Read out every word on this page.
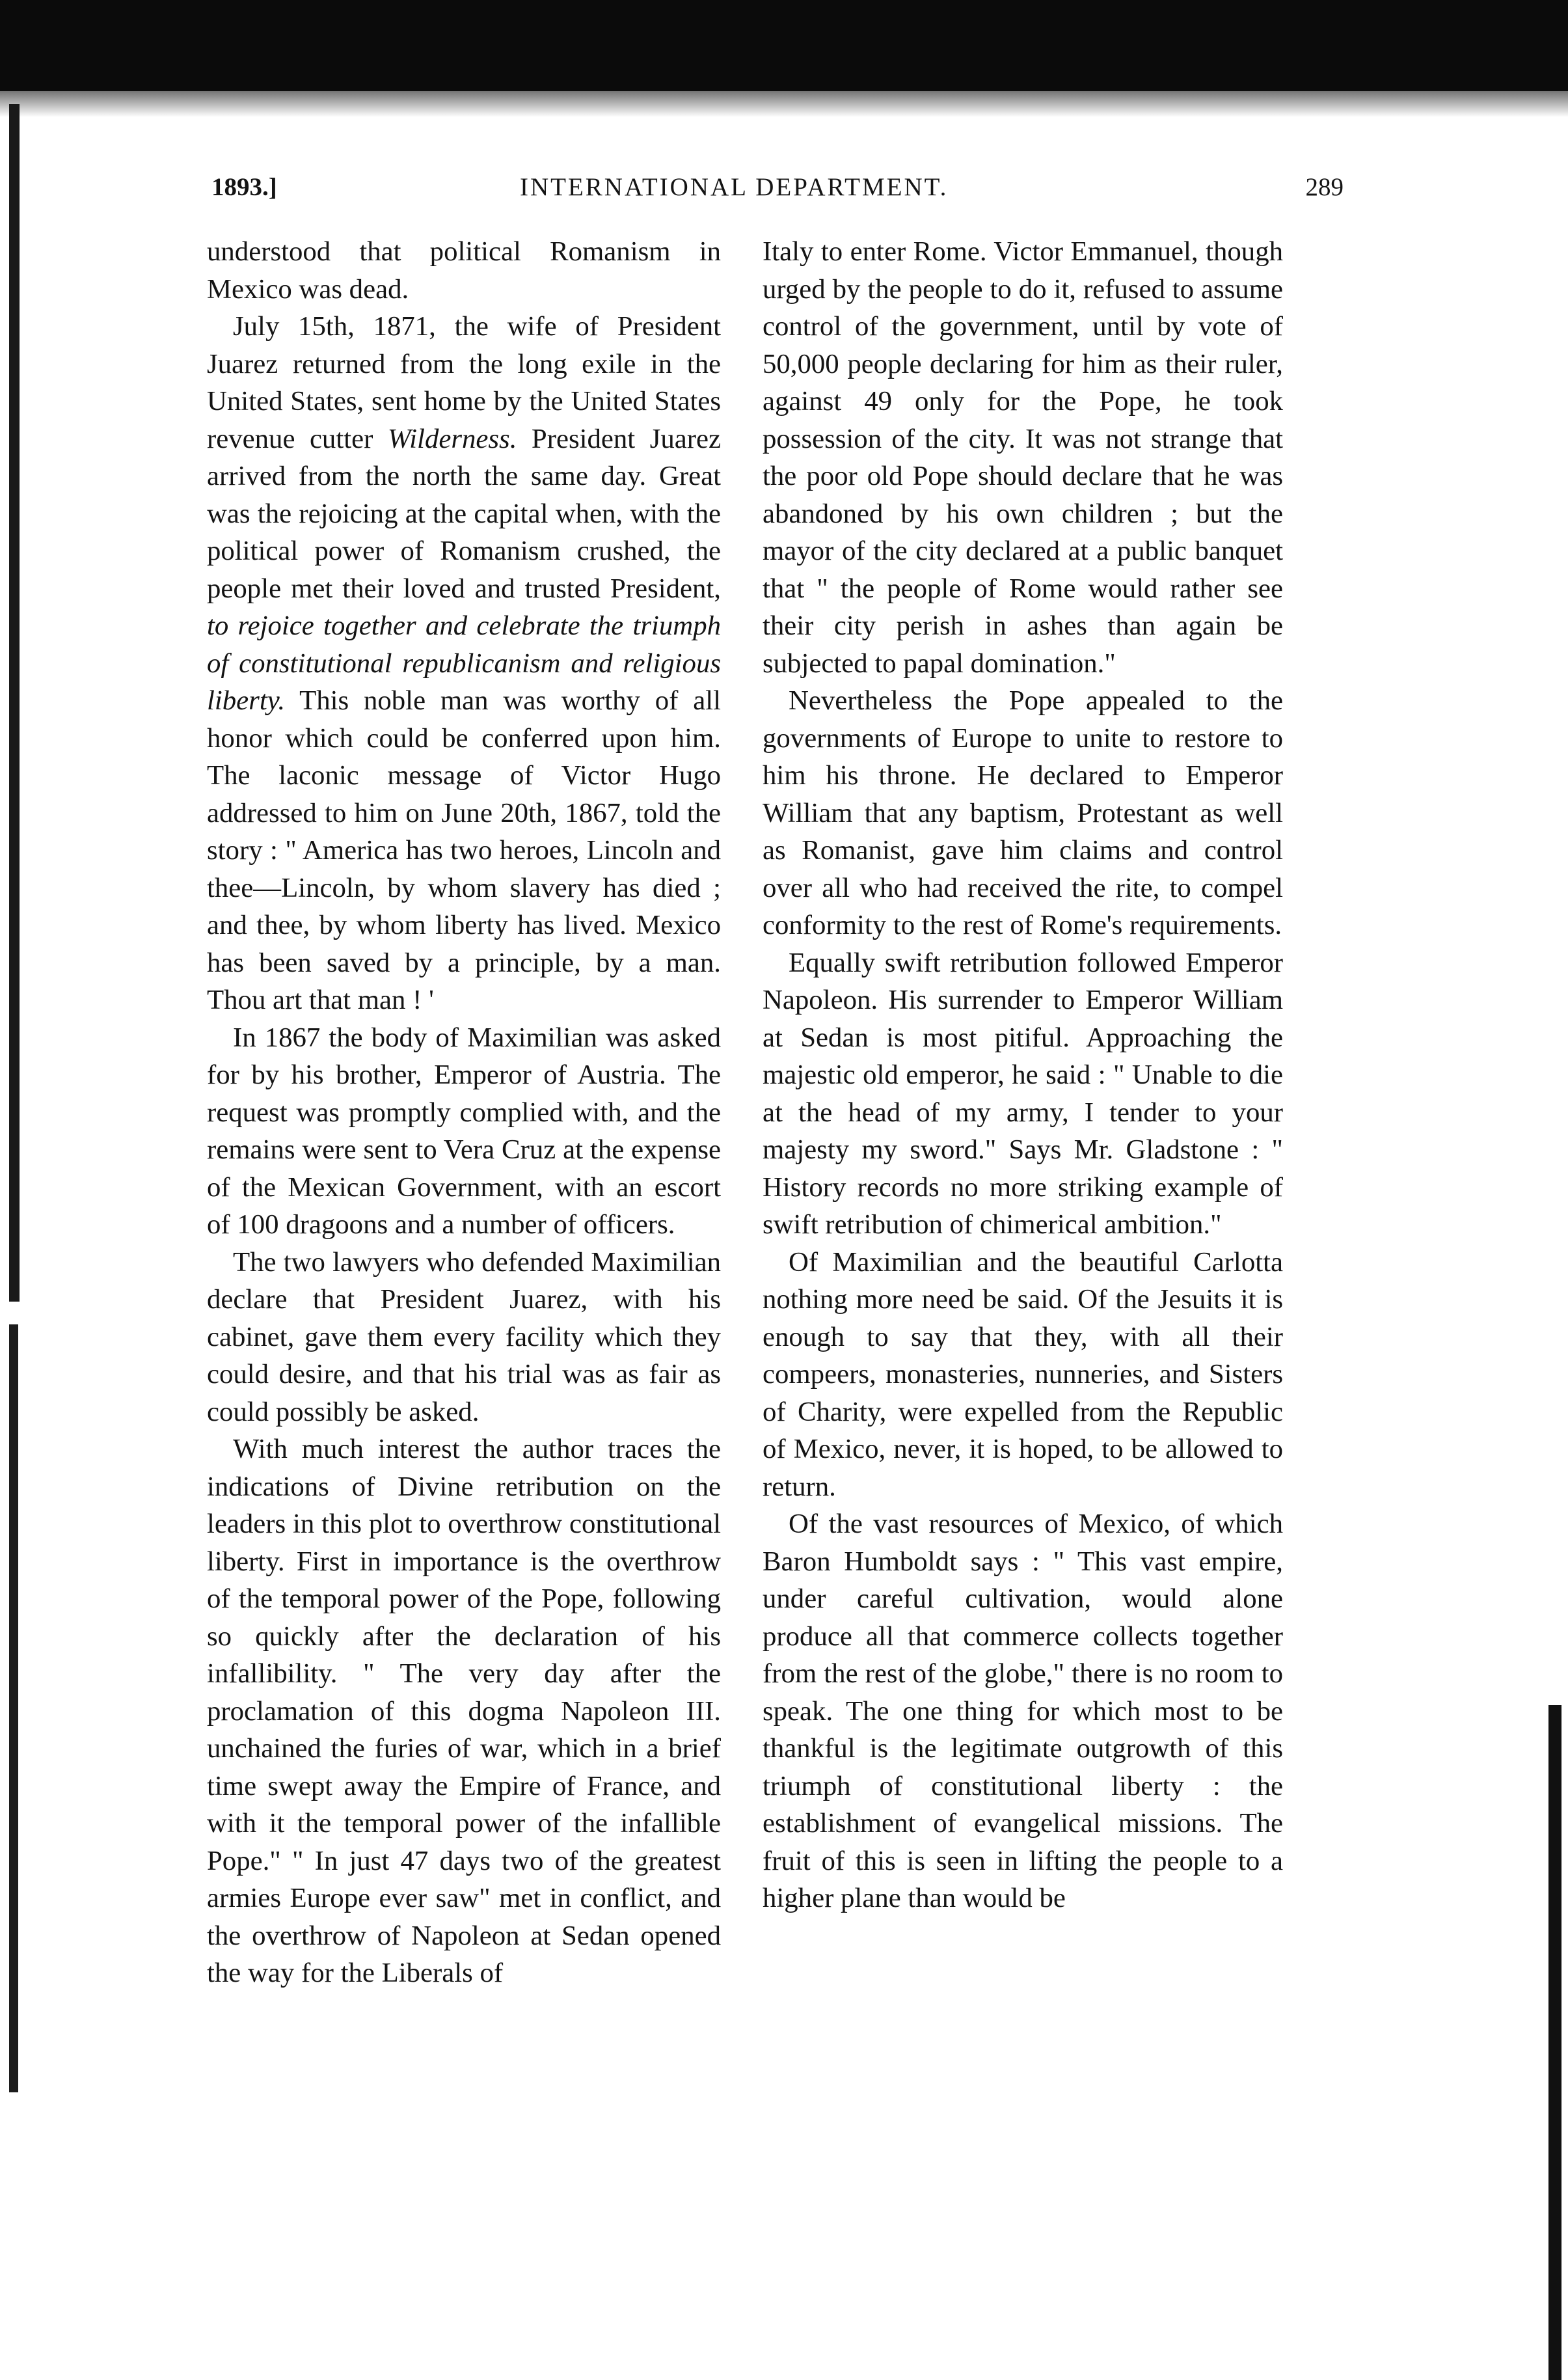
1893.]	INTERNATIONAL DEPARTMENT.	289

understood that political Romanism in Mexico was dead.

July 15th, 1871, the wife of President Juarez returned from the long exile in the United States, sent home by the United States revenue cutter Wilderness. President Juarez arrived from the north the same day. Great was the rejoicing at the capital when, with the political power of Romanism crushed, the people met their loved and trusted President, to rejoice together and celebrate the triumph of constitutional republicanism and religious liberty. This noble man was worthy of all honor which could be conferred upon him. The laconic message of Victor Hugo addressed to him on June 20th, 1867, told the story : " America has two heroes, Lincoln and thee—Lincoln, by whom slavery has died ; and thee, by whom liberty has lived. Mexico has been saved by a principle, by a man. Thou art that man ! '

In 1867 the body of Maximilian was asked for by his brother, Emperor of Austria. The request was promptly complied with, and the remains were sent to Vera Cruz at the expense of the Mexican Government, with an escort of 100 dragoons and a number of officers.

The two lawyers who defended Maximilian declare that President Juarez, with his cabinet, gave them every facility which they could desire, and that his trial was as fair as could possibly be asked.

With much interest the author traces the indications of Divine retribution on the leaders in this plot to overthrow constitutional liberty. First in importance is the overthrow of the temporal power of the Pope, following so quickly after the declaration of his infallibility. " The very day after the proclamation of this dogma Napoleon III. unchained the furies of war, which in a brief time swept away the Empire of France, and with it the temporal power of the infallible Pope." " In just 47 days two of the greatest armies Europe ever saw" met in conflict, and the overthrow of Napoleon at Sedan opened the way for the Liberals of

Italy to enter Rome. Victor Emmanuel, though urged by the people to do it, refused to assume control of the government, until by vote of 50,000 people declaring for him as their ruler, against 49 only for the Pope, he took possession of the city. It was not strange that the poor old Pope should declare that he was abandoned by his own children ; but the mayor of the city declared at a public banquet that " the people of Rome would rather see their city perish in ashes than again be subjected to papal domination."

Nevertheless the Pope appealed to the governments of Europe to unite to restore to him his throne. He declared to Emperor William that any baptism, Protestant as well as Romanist, gave him claims and control over all who had received the rite, to compel conformity to the rest of Rome's requirements.

Equally swift retribution followed Emperor Napoleon. His surrender to Emperor William at Sedan is most pitiful. Approaching the majestic old emperor, he said : " Unable to die at the head of my army, I tender to your majesty my sword." Says Mr. Gladstone : " History records no more striking example of swift retribution of chimerical ambition."

Of Maximilian and the beautiful Carlotta nothing more need be said. Of the Jesuits it is enough to say that they, with all their compeers, monasteries, nunneries, and Sisters of Charity, were expelled from the Republic of Mexico, never, it is hoped, to be allowed to return.

Of the vast resources of Mexico, of which Baron Humboldt says : " This vast empire, under careful cultivation, would alone produce all that commerce collects together from the rest of the globe," there is no room to speak. The one thing for which most to be thankful is the legitimate outgrowth of this triumph of constitutional liberty : the establishment of evangelical missions. The fruit of this is seen in lifting the people to a higher plane than would be
